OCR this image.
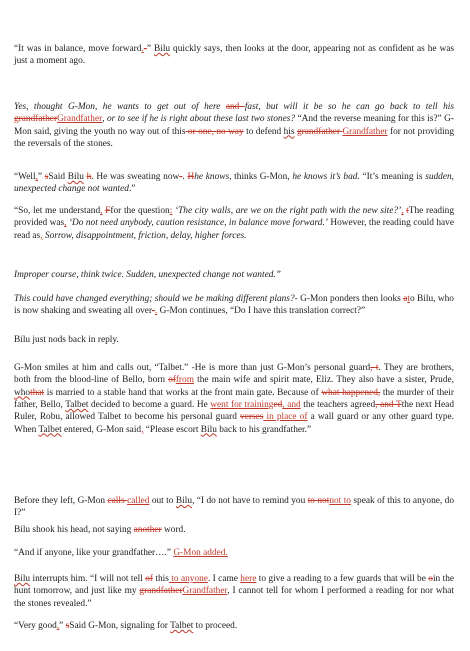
“It was in balance, move forward.-” Bilu quickly says, then looks at the door, appearing not as confident as he was just a moment ago.

Yes, thought G-Mon, he wants to get out of here and fast, but will it be so he can go back to tell his grandfatherGrandfather, or to see if he is right about these last two stones? “And the reverse meaning for this is?” G-Mon said, giving the youth no way out of this or one, no way to defend his grandfather Grandfather for not providing the reversals of the stones.

“Well,” sSaid Bilu h. He was sweating now-. Hhe knows, thinks G-Mon, he knows it’s bad. “It’s meaning is sudden, unexpected change not wanted.”

“So, let me understand, Ffor the question: ‘The city walls, are we on the right path with the new site?’, tThe reading provided was, ‘Do not need anybody, caution resistance, in balance move forward.’ However, the reading could have read as, Sorrow, disappointment, friction, delay, higher forces.

Improper course, think twice. Sudden, unexpected change not wanted.”

This could have changed everything; should we be making different plans?- G-Mon ponders then looks ato Bilu, who is now shaking and sweating all over-. G-Mon continues, “Do I have this translation correct?”

Bilu just nods back in reply.

G-Mon smiles at him and calls out, “Talbet.” -He is more than just G-Mon’s personal guard, t. They are brothers, both from the blood-line of Bello, born offrom the main wife and spirit mate, Eliz. They also have a sister, Prude, whothat is married to a stable hand that works at the front main gate. Because of what happened, the murder of their father, Bello, Talbet decided to become a guard. He went for traininged, and the teachers agreed, and Tthe next Head Ruler, Robu, allowed Talbet to become his personal guard verses in place of a wall guard or any other guard type. When Talbet entered, G-Mon said, “Please escort Bilu back to his grandfather.”

Before they left, G-Mon calls called out to Bilu, “I do not have to remind you to notnot to speak of this to anyone, do I?”

Bilu shook his head, not saying another word.

“And if anyone, like your grandfather….” G-Mon added.

Bilu interrupts him. “I will not tell of this to anyone. I came here to give a reading to a few guards that will be oin the hunt tomorrow, and just like my grandfatherGrandfather, I cannot tell for whom I performed a reading for nor what the stones revealed.”

“Very good,” sSaid G-Mon, signaling for Talbet to proceed.
